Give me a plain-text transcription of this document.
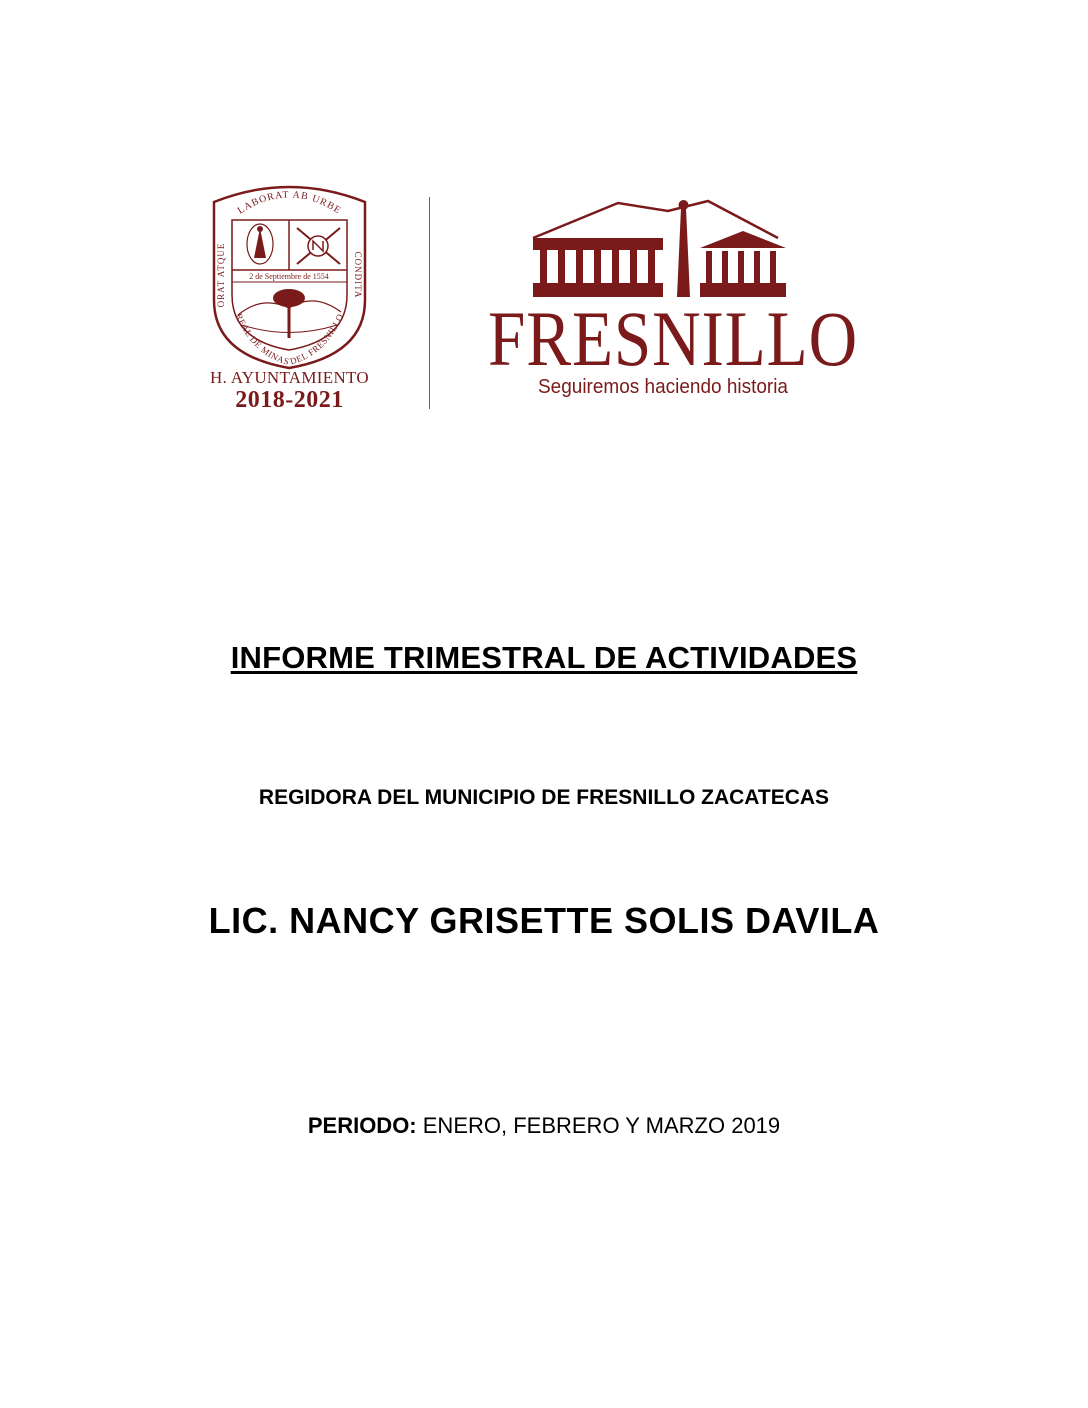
LABORAT AB URBE
ORAT ATQUE
CONDITA
2 de Septiembre de 1554
REAL DE MINAS DEL FRESNILLO
H. AYUNTAMIENTO
2018-2021
FRESNILLO
Seguiremos haciendo historia
INFORME TRIMESTRAL DE ACTIVIDADES
REGIDORA DEL MUNICIPIO DE FRESNILLO ZACATECAS
LIC. NANCY GRISETTE SOLIS DAVILA
PERIODO: ENERO, FEBRERO Y MARZO 2019
